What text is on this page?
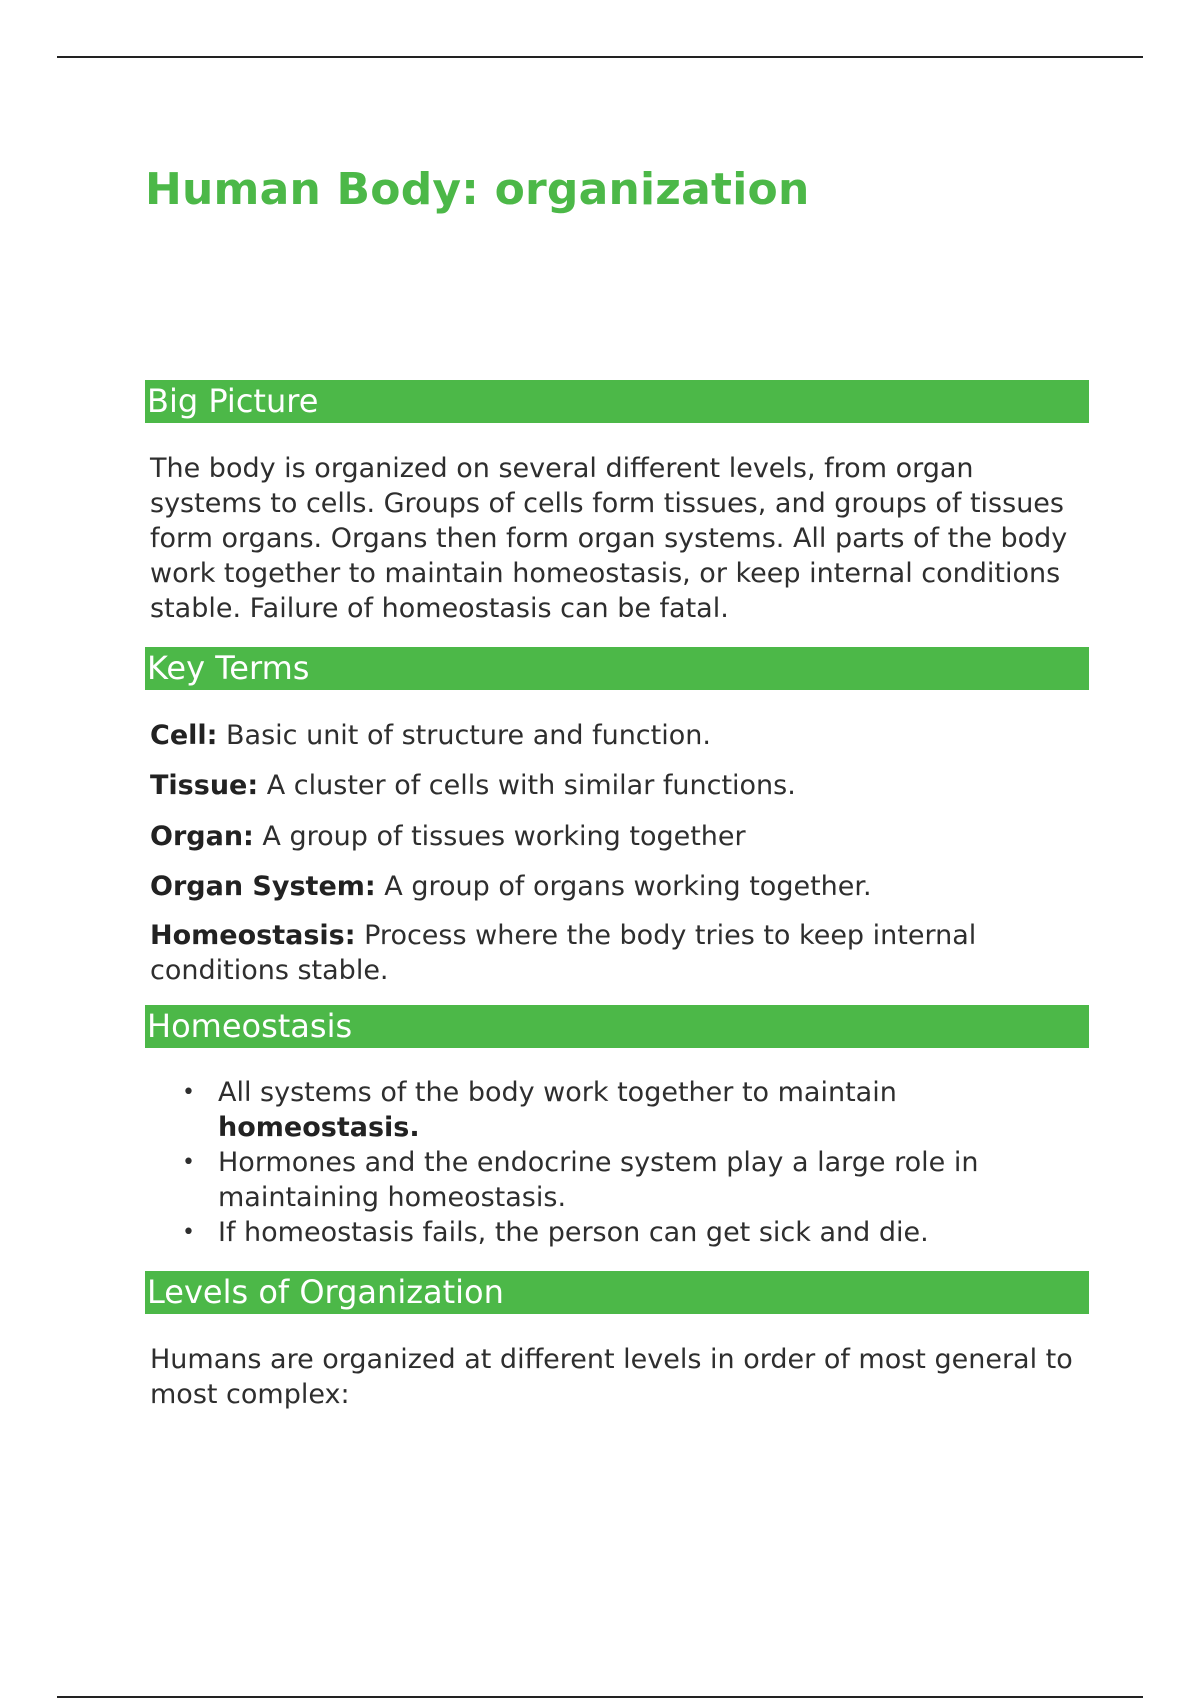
Human Body: organization
Big Picture

The body is organized on several different levels, from organ systems to cells. Groups of cells form tissues, and groups of tissues form organs. Organs then form organ systems. All parts of the body work together to maintain homeostasis, or keep internal conditions stable. Failure of homeostasis can be fatal.

Key Terms

Cell: Basic unit of structure and function.

Tissue: A cluster of cells with similar functions.

Organ: A group of tissues working together

Organ System: A group of organs working together.

Homeostasis: Process where the body tries to keep internal conditions stable.

Homeostasis
• All systems of the body work together to maintain homeostasis.
• Hormones and the endocrine system play a large role in maintaining homeostasis.
• If homeostasis fails, the person can get sick and die.
Levels of Organization

Humans are organized at different levels in order of most general to most complex:
